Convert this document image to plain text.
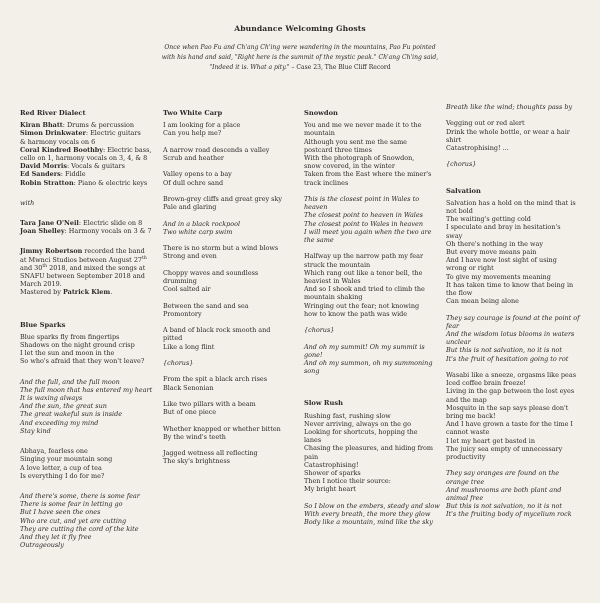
Abundance Welcoming Ghosts
Once when Pao Fu and Ch'ang Ch'ing were wandering in the mountains, Pao Fu pointed
with his hand and said, "Right here is the summit of the mystic peak." Ch'ang Ch'ing said,
"Indeed it is. What a pity." – Case 23, The Blue Cliff Record
Red River Dialect
Kiran Bhatt: Drums & percussion
Simon Drinkwater: Electric guitars
& harmony vocals on 6
Coral Kindred Boothby: Electric bass,
cello on 1, harmony vocals on 3, 4, & 8
David Morris: Vocals & guitars
Ed Sanders: Fiddle
Robin Stratton: Piano & electric keys
with
Tara Jane O'Neil: Electric slide on 8
Joan Shelley: Harmony vocals on 3 & 7
Jimmy Robertson recorded the band
at Mwnci Studios between August 27th
and 30th 2018, and mixed the songs at
SNAFU between September 2018 and
March 2019.
Mastered by Patrick Klem.
Blue Sparks
Blue sparks fly from fingertips
Shadows on the night ground crisp
I let the sun and moon in the
So who's afraid that they won't leave?
And the full, and the full moon
The full moon that has entered my heart
It is waxing always
And the sun, the great sun
The great wakeful sun is inside
And exceeding my mind
Stay kind
Abhaya, fearless one
Singing your mountain song
A love letter, a cup of tea
Is everything I do for me?
And there's some, there is some fear
There is some fear in letting go
But I have seen the ones
Who are cut, and yet are cutting
They are cutting the cord of the kite
And they let it fly free
Outrageously
Two White Carp
I am looking for a place
Can you help me?
A narrow road descends a valley
Scrub and heather
Valley opens to a bay
Of dull ochre sand
Brown-grey cliffs and great grey sky
Pale and glaring
And in a black rockpool
Two white carp swim
There is no storm but a wind blows
Strong and even
Choppy waves and soundless
drumming
Cool salted air
Between the sand and sea
Promontory
A band of black rock smooth and
pitted
Like a long flint
{chorus}
From the spit a black arch rises
Black Senonian
Like two pillars with a beam
But of one piece
Whether knapped or whether bitten
By the wind's teeth
Jagged wetness all reflecting
The sky's brightness
Snowdon
You and me we never made it to the
mountain
Although you sent me the same
postcard three times
With the photograph of Snowdon,
snow covered, in the winter
Taken from the East where the miner's
track inclines
This is the closest point in Wales to
heaven
The closest point to heaven in Wales
The closest point to Wales in heaven
I will meet you again when the two are
the same
Halfway up the narrow path my fear
struck the mountain
Which rang out like a tenor bell, the
heaviest in Wales
And so I shook and tried to climb the
mountain shaking
Wringing out the fear; not knowing
how to know the path was wide
{chorus}
And oh my summit! Oh my summit is
gone!
And oh my summon, oh my summoning
song
Slow Rush
Rushing fast, rushing slow
Never arriving, always on the go
Looking for shortcuts, hopping the
lanes
Chasing the pleasures, and hiding from
pain
Catastrophising!
Shower of sparks
Then I notice their source:
My bright heart
So I blow on the embers, steady and slow
With every breath, the more they glow
Body like a mountain, mind like the sky
Breath like the wind; thoughts pass by
Vegging out or red alert
Drink the whole bottle, or wear a hair
shirt
Catastrophising! ...
{chorus}
Salvation
Salvation has a hold on the mind that is
not bold
The waiting's getting cold
I speculate and bray in hesitation's
sway
Oh there's nothing in the way
But every move means pain
And I have now lost sight of using
wrong or right
To give my movements meaning
It has taken time to know that being in
the flow
Can mean being alone
They say courage is found at the point of
fear
And the wisdom lotus blooms in waters
unclear
But this is not salvation, no it is not
It's the fruit of hesitation going to rot
Wasabi like a sneeze, orgasms like peas
Iced coffee brain freeze!
Living in the gap between the lost eyes
and the map
Mosquito in the sap says please don't
bring me back!
And I have grown a taste for the time I
cannot waste
I let my heart get basted in
The juicy sea empty of unnecessary
productivity
They say oranges are found on the
orange tree
And mushrooms are both plant and
animal free
But this is not salvation, no it is not
It's the fruiting body of mycelium rock
